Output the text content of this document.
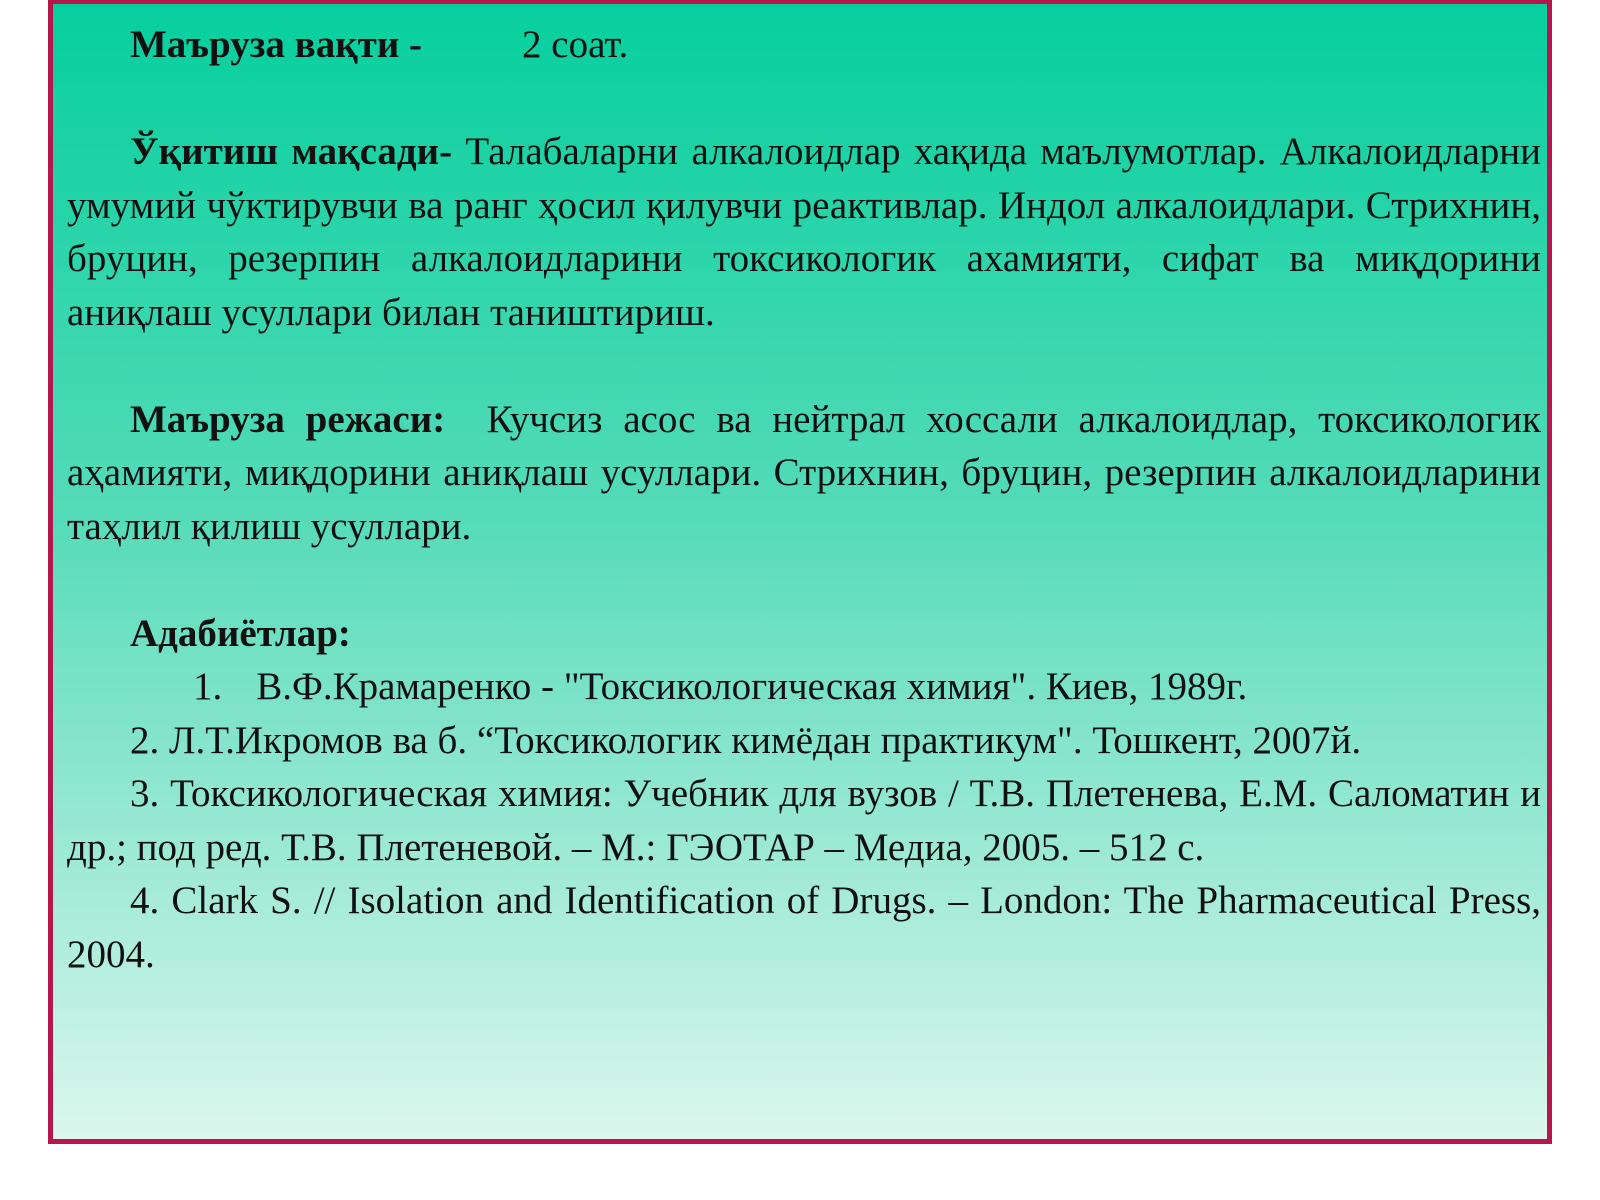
Маъруза вақти -	2 соат.

Ўқитиш мақсади- Талабаларни алкалоидлар хақида маълумотлар. Алкалоидларни умумий чўктирувчи ва ранг ҳосил қилувчи реактивлар. Индол алкалоидлари. Стрихнин, бруцин, резерпин алкалоидларини токсикологик ахамияти, сифат ва миқдорини аниқлаш усуллари билан таништириш.

Маъруза режаси: Кучсиз асос ва нейтрал хоссали алкалоидлар, токсикологик аҳамияти, миқдорини аниқлаш усуллари. Стрихнин, бруцин, резерпин алкалоидларини таҳлил қилиш усуллари.

Адабиётлар:

1. В.Ф.Крамаренко - "Токсикологическая химия". Киев, 1989г.

2. Л.Т.Икромов ва б. “Токсикологик кимёдан практикум". Тошкент, 2007й.

3. Токсикологическая химия: Учебник для вузов / Т.В. Плетенева, Е.М. Саломатин и др.; под ред. Т.В. Плетеневой. – М.: ГЭОТАР – Медиа, 2005. – 512 с.

4. Clark S. // Isolation and Identification of Drugs. – London: The Pharmaceutical Press, 2004.
